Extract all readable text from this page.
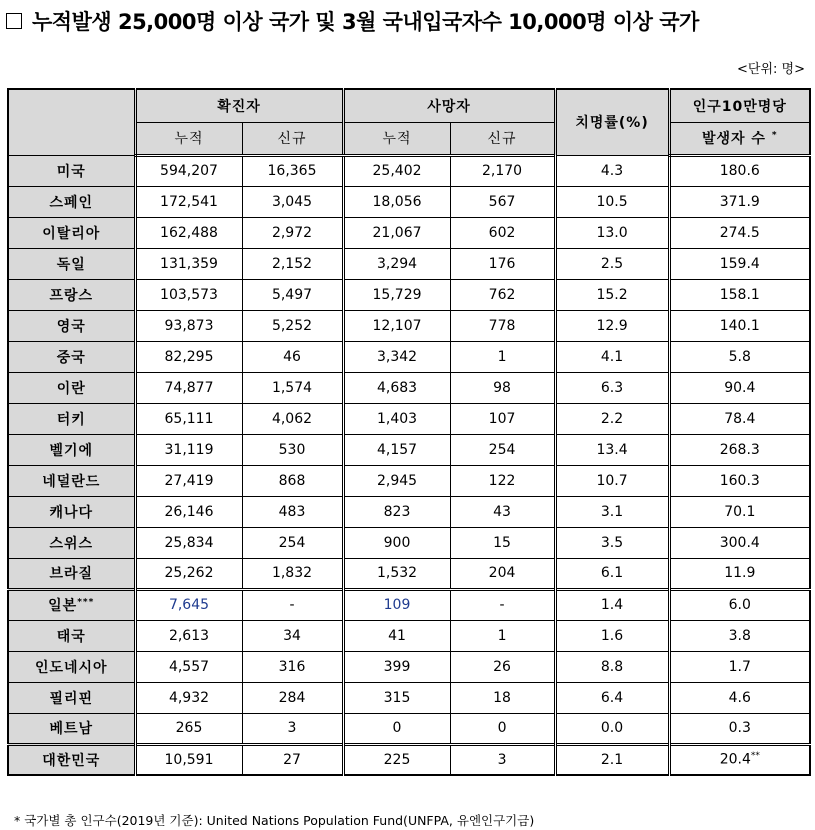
누적발생 25,000명 이상 국가 및 3월 국내입국자수 10,000명 이상 국가
<단위: 명>
	확진자		사망자		치명률(%)	인구10만명당
	누적	신규	누적	신규		발생자 수 *
미국	594,207	16,365	25,402	2,170	4.3	180.6
스페인	172,541	3,045	18,056	567	10.5	371.9
이탈리아	162,488	2,972	21,067	602	13.0	274.5
독일	131,359	2,152	3,294	176	2.5	159.4
프랑스	103,573	5,497	15,729	762	15.2	158.1
영국	93,873	5,252	12,107	778	12.9	140.1
중국	82,295	46	3,342	1	4.1	5.8
이란	74,877	1,574	4,683	98	6.3	90.4
터키	65,111	4,062	1,403	107	2.2	78.4
벨기에	31,119	530	4,157	254	13.4	268.3
네덜란드	27,419	868	2,945	122	10.7	160.3
캐나다	26,146	483	823	43	3.1	70.1
스위스	25,834	254	900	15	3.5	300.4
브라질	25,262	1,832	1,532	204	6.1	11.9
일본***	7,645	-	109	-	1.4	6.0
태국	2,613	34	41	1	1.6	3.8
인도네시아	4,557	316	399	26	8.8	1.7
필리핀	4,932	284	315	18	6.4	4.6
베트남	265	3	0	0	0.0	0.3
대한민국	10,591	27	225	3	2.1	20.4**
* 국가별 총 인구수(2019년 기준): United Nations Population Fund(UNFPA, 유엔인구기금)
